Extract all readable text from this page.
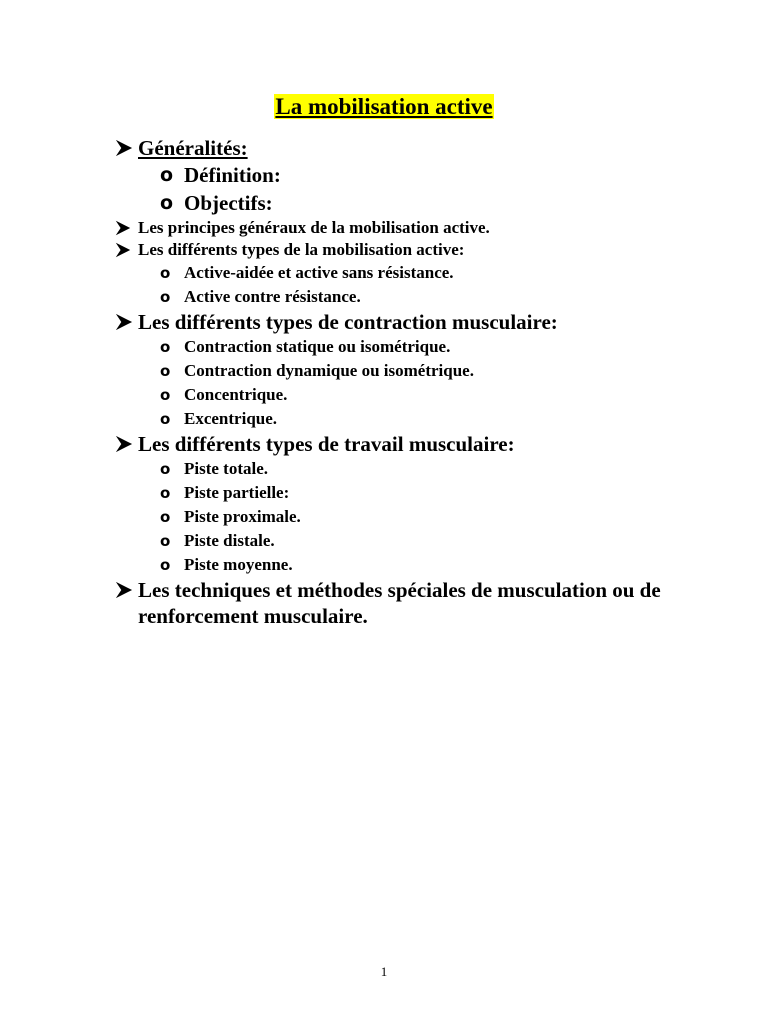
La mobilisation active
Généralités:
o Définition:
o Objectifs:
Les principes généraux de la mobilisation active.
Les différents types de la mobilisation active:
o Active-aidée et active sans résistance.
o Active contre résistance.
Les différents types de contraction musculaire:
o Contraction statique ou isométrique.
o Contraction dynamique ou isométrique.
o Concentrique.
o Excentrique.
Les différents types de travail musculaire:
o Piste totale.
o Piste partielle:
o Piste proximale.
o Piste distale.
o Piste moyenne.
Les techniques et méthodes spéciales de musculation ou de renforcement musculaire.
1
